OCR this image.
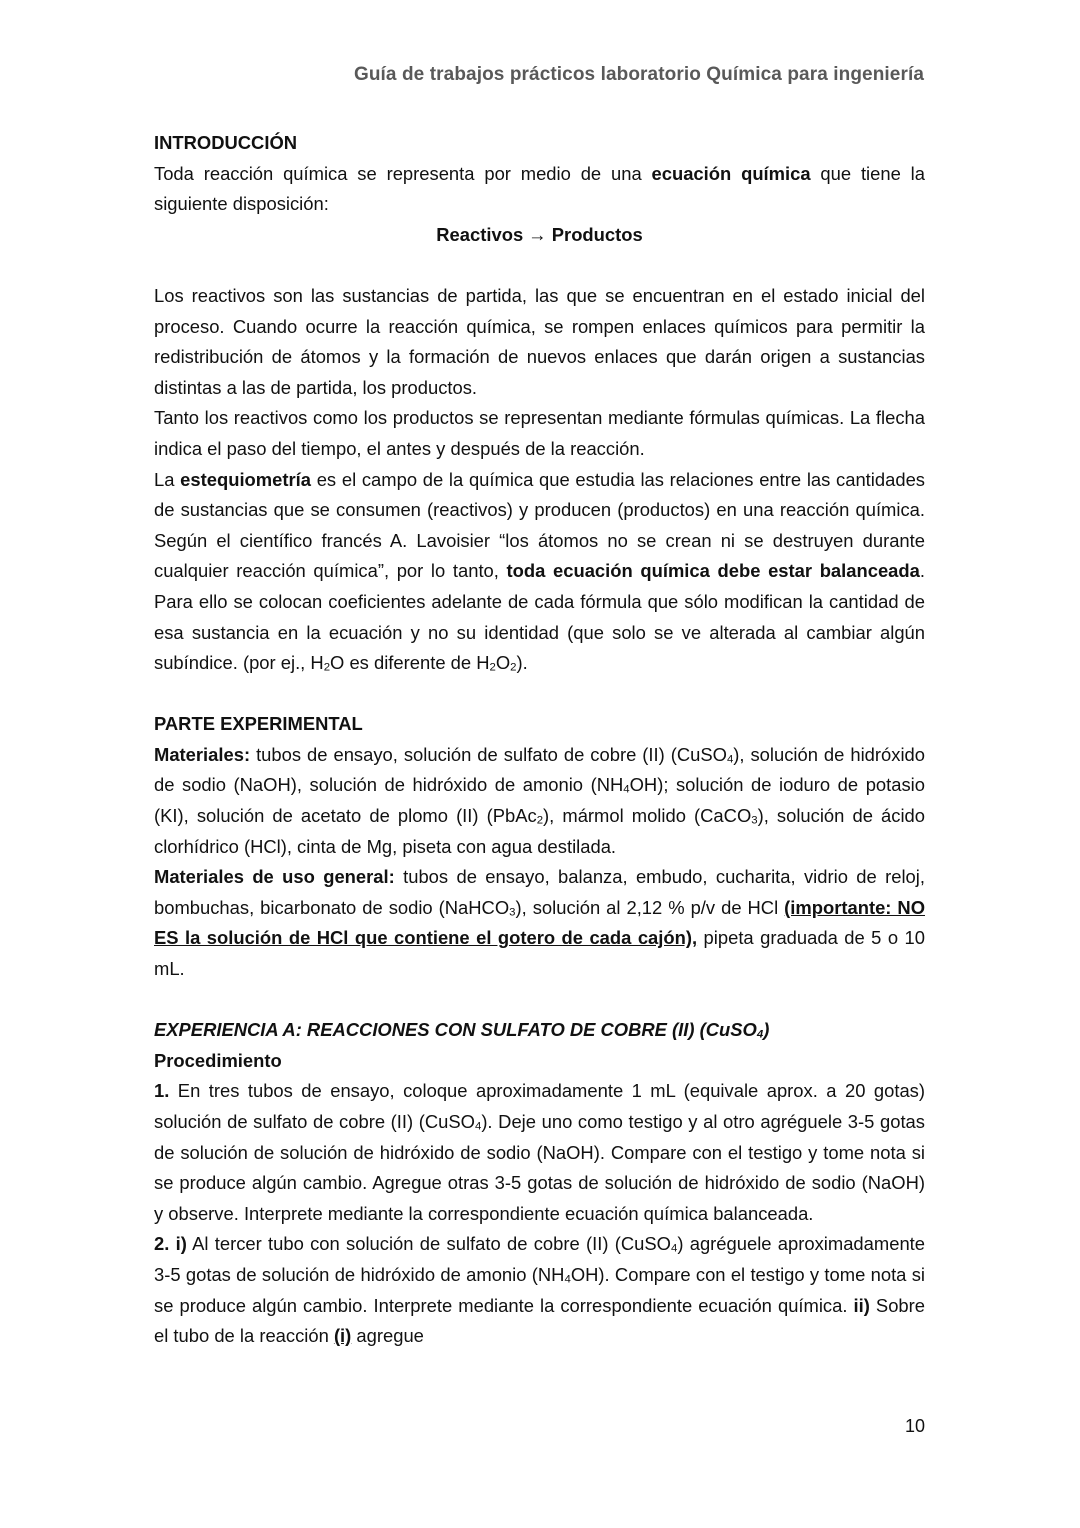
Guía de trabajos prácticos laboratorio Química para ingeniería

INTRODUCCIÓN

Toda reacción química se representa por medio de una ecuación química que tiene la siguiente disposición:

Reactivos → Productos

Los reactivos son las sustancias de partida, las que se encuentran en el estado inicial del proceso. Cuando ocurre la reacción química, se rompen enlaces químicos para permitir la redistribución de átomos y la formación de nuevos enlaces que darán origen a sustancias distintas a las de partida, los productos.

Tanto los reactivos como los productos se representan mediante fórmulas químicas. La flecha indica el paso del tiempo, el antes y después de la reacción.

La estequiometría es el campo de la química que estudia las relaciones entre las cantidades de sustancias que se consumen (reactivos) y producen (productos) en una reacción química. Según el científico francés A. Lavoisier “los átomos no se crean ni se destruyen durante cualquier reacción química”, por lo tanto, toda ecuación química debe estar balanceada. Para ello se colocan coeficientes adelante de cada fórmula que sólo modifican la cantidad de esa sustancia en la ecuación y no su identidad (que solo se ve alterada al cambiar algún subíndice. (por ej., $H_2O$ es diferente de $H_2O_2$).

PARTE EXPERIMENTAL

Materiales: tubos de ensayo, solución de sulfato de cobre (II) (CuSO$_4$), solución de hidróxido de sodio (NaOH), solución de hidróxido de amonio $(NH_4OH)$; solución de ioduro de potasio (KI), solución de acetato de plomo (II) (PbAc$_2$), mármol molido (CaCO$_3$), solución de ácido clorhídrico (HCl), cinta de Mg, piseta con agua destilada.

Materiales de uso general: tubos de ensayo, balanza, embudo, cucharita, vidrio de reloj, bombuchas, bicarbonato de sodio (NaHCO$_3$), solución al 2,12 % p/v de HCl (importante: NO ES la solución de HCl que contiene el gotero de cada cajón), pipeta graduada de 5 o 10 mL.

EXPERIENCIA A: REACCIONES CON SULFATO DE COBRE (II) (CuSO$_4$)

Procedimiento

1. En tres tubos de ensayo, coloque aproximadamente 1 mL (equivale aprox. a 20 gotas) solución de sulfato de cobre (II) (CuSO$_4$). Deje uno como testigo y al otro agréguele 3-5 gotas de solución de solución de hidróxido de sodio (NaOH). Compare con el testigo y tome nota si se produce algún cambio. Agregue otras 3-5 gotas de solución de hidróxido de sodio (NaOH) y observe. Interprete mediante la correspondiente ecuación química balanceada.

2. i) Al tercer tubo con solución de sulfato de cobre (II) (CuSO$_4$) agréguele aproximadamente 3-5 gotas de solución de hidróxido de amonio $(NH_4OH)$. Compare con el testigo y tome nota si se produce algún cambio. Interprete mediante la correspondiente ecuación química. ii) Sobre el tubo de la reacción (i) agregue

10
